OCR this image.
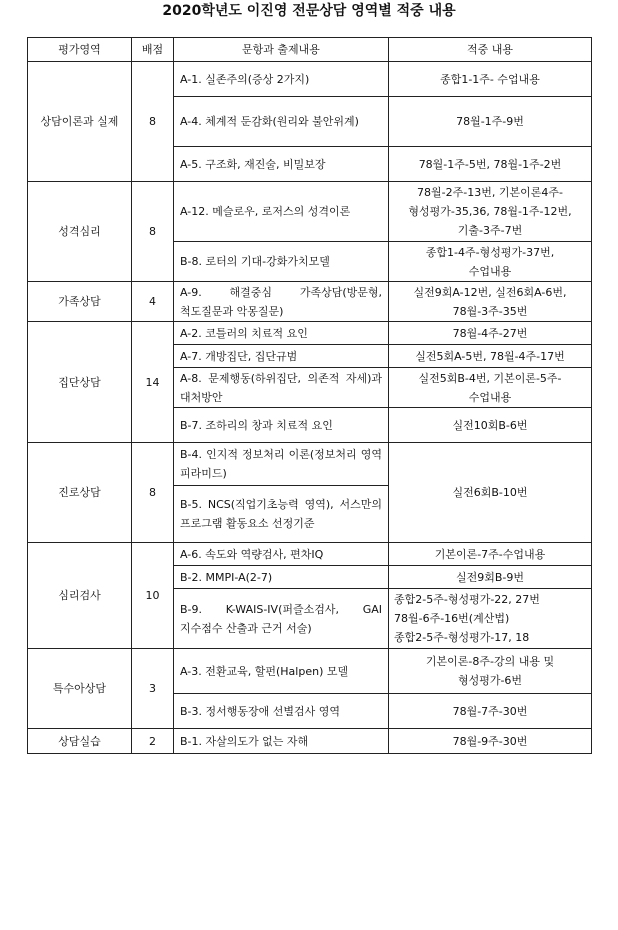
2020학년도 이진영 전문상담 영역별 적중 내용
평가영역	배점	문항과 출제내용	적중 내용
상담이론과 실제	8	A-1. 실존주의(증상 2가지)	종합1-1주- 수업내용

		A-4. 체계적 둔감화(원리와 불안위계)	78월-1주-9번

		A-5. 구조화, 재진술, 비밀보장	78월-1주-5번, 78월-1주-2번

성격심리	8	A-12. 메슬로우, 로저스의 성격이론	78월-2주-13번, 기본이론4주-
형성평가-35,36, 78월-1주-12번,
기출-3주-7번

		B-8. 로터의 기대-강화가치모델	종합1-4주-형성평가-37번,
수업내용

가족상담	4	A-9. 해결중심 가족상담(방문형, 척도질문과 악몽질문)	실전9회A-12번, 실전6회A-6번,
78월-3주-35번

집단상담	14	A-2. 코틀러의 치료적 요인	78월-4주-27번

		A-7. 개방집단, 집단규범	실전5회A-5번, 78월-4주-17번

		A-8. 문제행동(하위집단, 의존적 자세)과 대처방안	실전5회B-4번, 기본이론-5주-
수업내용

		B-7. 조하리의 창과 치료적 요인	실전10회B-6번

진로상담	8	B-4. 인지적 정보처리 이론(정보처리 영역 피라미드)	실전6회B-10번

		B-5. NCS(직업기초능력 영역), 서스만의 프로그램 활동요소 선정기준	
심리검사	10	A-6. 속도와 역량검사, 편차IQ	기본이론-7주-수업내용

		B-2. MMPI-A(2-7)	실전9회B-9번

		B-9. K-WAIS-IV(퍼즐소검사, GAI 지수점수 산출과 근거 서술)	종합2-5주-형성평가-22, 27번
78월-6주-16번(계산법)
종합2-5주-형성평가-17, 18

특수아상담	3	A-3. 전환교육, 할펀(Halpen) 모델	기본이론-8주-강의 내용 및
형성평가-6번

		B-3. 정서행동장애 선별검사 영역	78월-7주-30번

상담실습	2	B-1. 자살의도가 없는 자해	78월-9주-30번
